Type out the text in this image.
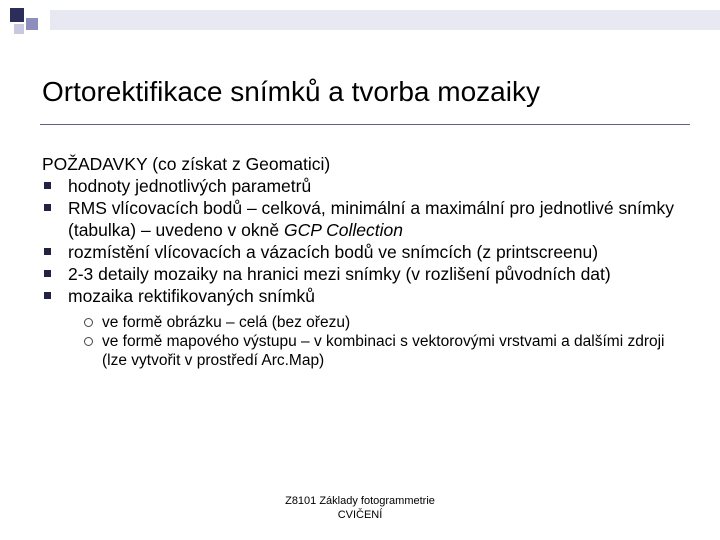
Ortorektifikace snímků a tvorba mozaiky

POŽADAVKY (co získat z Geomatici)

hodnoty jednotlivých parametrů
RMS vlícovacích bodů – celková, minimální a maximální pro jednotlivé snímky (tabulka) – uvedeno v okně GCP Collection
rozmístění vlícovacích a vázacích bodů ve snímcích (z printscreenu)
2-3 detaily mozaiky na hranici mezi snímky (v rozlišení původních dat)
mozaika rektifikovaných snímků
ve formě obrázku – celá (bez ořezu)
ve formě mapového výstupu – v kombinaci s vektorovými vrstvami a dalšími zdroji (lze vytvořit v prostředí Arc.Map)
Z8101 Základy fotogrammetrie
CVIČENÍ
